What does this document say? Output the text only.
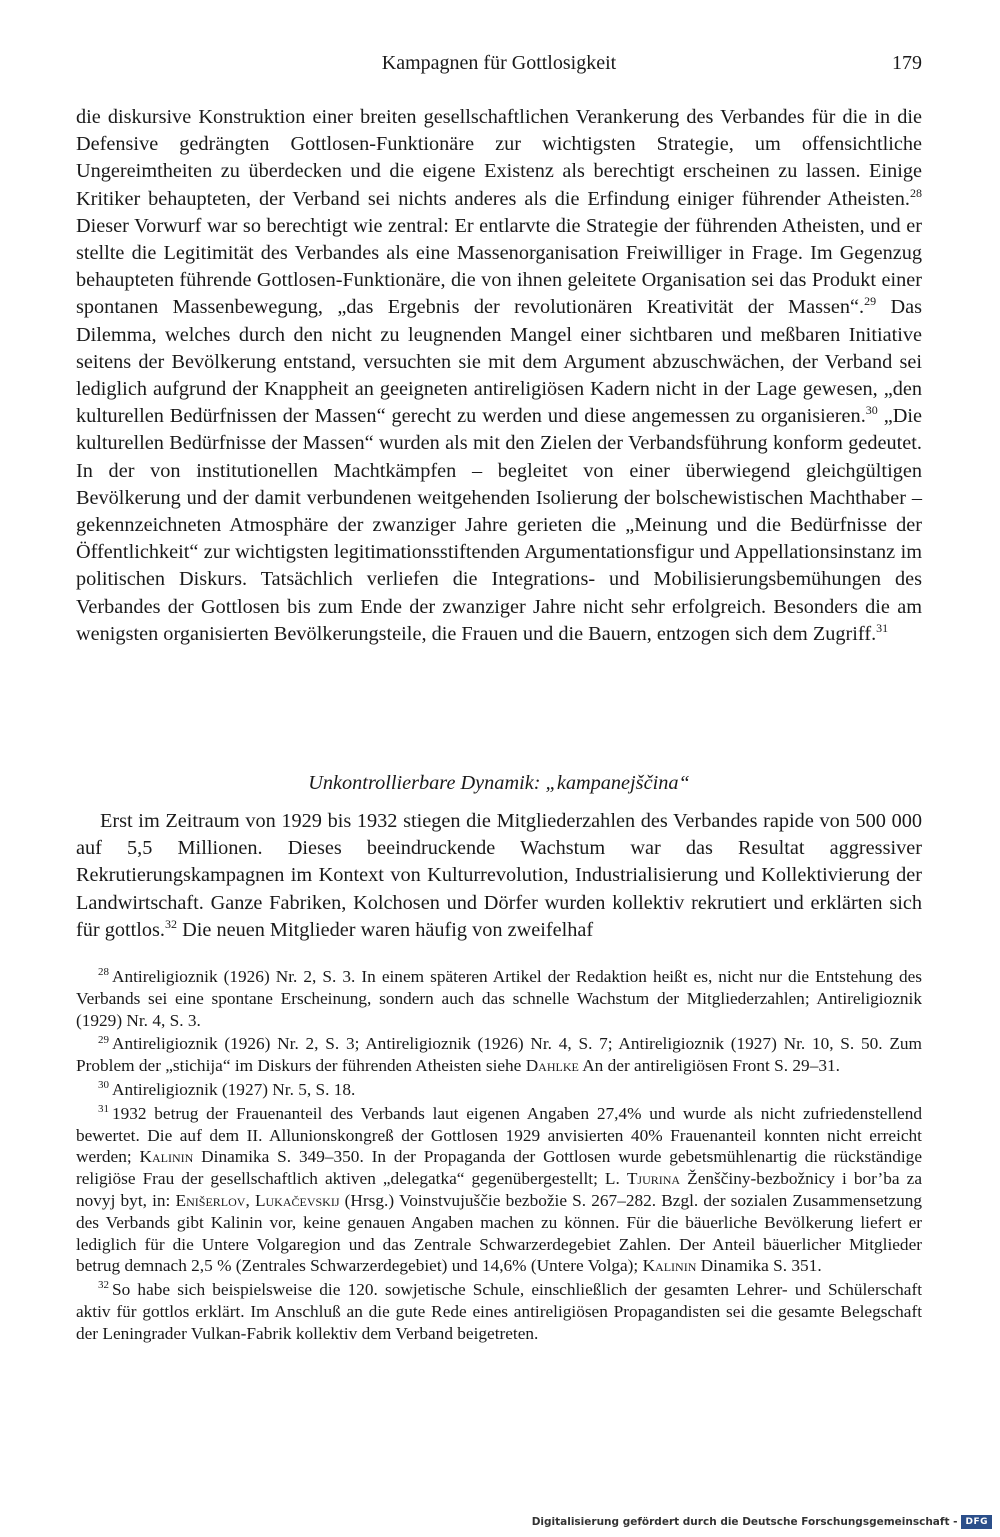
Kampagnen für Gottlosigkeit	179

die diskursive Konstruktion einer breiten gesellschaftlichen Verankerung des Verbandes für die in die Defensive gedrängten Gottlosen-Funktionäre zur wichtigsten Strategie, um offensichtliche Ungereimtheiten zu überdecken und die eigene Existenz als berechtigt erscheinen zu lassen. Einige Kritiker behaupteten, der Verband sei nichts anderes als die Erfindung einiger führender Atheisten.$^{28}$ Dieser Vorwurf war so berechtigt wie zentral: Er entlarvte die Strategie der führenden Atheisten, und er stellte die Legitimität des Verbandes als eine Massenorganisation Freiwilliger in Frage. Im Gegenzug behaupteten führende Gottlosen-Funktionäre, die von ihnen geleitete Organisation sei das Produkt einer spontanen Massenbewegung, „das Ergebnis der revolutionären Kreativität der Massen“.$^{29}$ Das Dilemma, welches durch den nicht zu leugnenden Mangel einer sichtbaren und meßbaren Initiative seitens der Bevölkerung entstand, versuchten sie mit dem Argument abzuschwächen, der Verband sei lediglich aufgrund der Knappheit an geeigneten antireligiösen Kadern nicht in der Lage gewesen, „den kulturellen Bedürfnissen der Massen“ gerecht zu werden und diese angemessen zu organisieren.$^{30}$ „Die kulturellen Bedürfnisse der Massen“ wurden als mit den Zielen der Verbandsführung konform gedeutet. In der von institutionellen Machtkämpfen – begleitet von einer überwiegend gleichgültigen Bevölkerung und der damit verbundenen weitgehenden Isolierung der bolschewistischen Machthaber – gekennzeichneten Atmosphäre der zwanziger Jahre gerieten die „Meinung und die Bedürfnisse der Öffentlichkeit“ zur wichtigsten legitimationsstiftenden Argumentationsfigur und Appellationsinstanz im politischen Diskurs. Tatsächlich verliefen die Integrations- und Mobilisierungsbemühungen des Verbandes der Gottlosen bis zum Ende der zwanziger Jahre nicht sehr erfolgreich. Besonders die am wenigsten organisierten Bevölkerungsteile, die Frauen und die Bauern, entzogen sich dem Zugriff.$^{31}$

Unkontrollierbare Dynamik: „kampanejščina“

Erst im Zeitraum von 1929 bis 1932 stiegen die Mitgliederzahlen des Verbandes rapide von 500 000 auf 5,5 Millionen. Dieses beeindruckende Wachstum war das Resultat aggressiver Rekrutierungskampagnen im Kontext von Kulturrevolution, Industrialisierung und Kollektivierung der Landwirtschaft. Ganze Fabriken, Kolchosen und Dörfer wurden kollektiv rekrutiert und erklärten sich für gottlos.$^{32}$ Die neuen Mitglieder waren häufig von zweifelhaf

$^{28}$ Antireligioznik (1926) Nr. 2, S. 3. In einem späteren Artikel der Redaktion heißt es, nicht nur die Entstehung des Verbands sei eine spontane Erscheinung, sondern auch das schnelle Wachstum der Mitgliederzahlen; Antireligioznik (1929) Nr. 4, S. 3.

$^{29}$ Antireligioznik (1926) Nr. 2, S. 3; Antireligioznik (1926) Nr. 4, S. 7; Antireligioznik (1927) Nr. 10, S. 50. Zum Problem der „stichija“ im Diskurs der führenden Atheisten siehe Dahlke An der antireligiösen Front S. 29–31.

$^{30}$ Antireligioznik (1927) Nr. 5, S. 18.

$^{31}$ 1932 betrug der Frauenanteil des Verbands laut eigenen Angaben 27,4% und wurde als nicht zufriedenstellend bewertet. Die auf dem II. Allunionskongreß der Gottlosen 1929 anvisierten 40% Frauenanteil konnten nicht erreicht werden; Kalinin Dinamika S. 349–350. In der Propaganda der Gottlosen wurde gebetsmühlenartig die rückständige religiöse Frau der gesellschaftlich aktiven „delegatka“ gegenübergestellt; L. Tjurina Ženščiny-bezbožnicy i bor’ba za novyj byt, in: Enišerlov, Lukačevskij (Hrsg.) Voinstvujuščie bezbožie S. 267–282. Bzgl. der sozialen Zusammensetzung des Verbands gibt Kalinin vor, keine genauen Angaben machen zu können. Für die bäuerliche Bevölkerung liefert er lediglich für die Untere Volgaregion und das Zentrale Schwarzerdegebiet Zahlen. Der Anteil bäuerlicher Mitglieder betrug demnach 2,5 % (Zentrales Schwarzerdegebiet) und 14,6% (Untere Volga); Kalinin Dinamika S. 351.

$^{32}$ So habe sich beispielsweise die 120. sowjetische Schule, einschließlich der gesamten Lehrer- und Schülerschaft aktiv für gottlos erklärt. Im Anschluß an die gute Rede eines antireligiösen Propagandisten sei die gesamte Belegschaft der Leningrader Vulkan-Fabrik kollektiv dem Verband beigetreten.

Digitalisierung gefördert durch die Deutsche Forschungsgemeinschaft - DFG
